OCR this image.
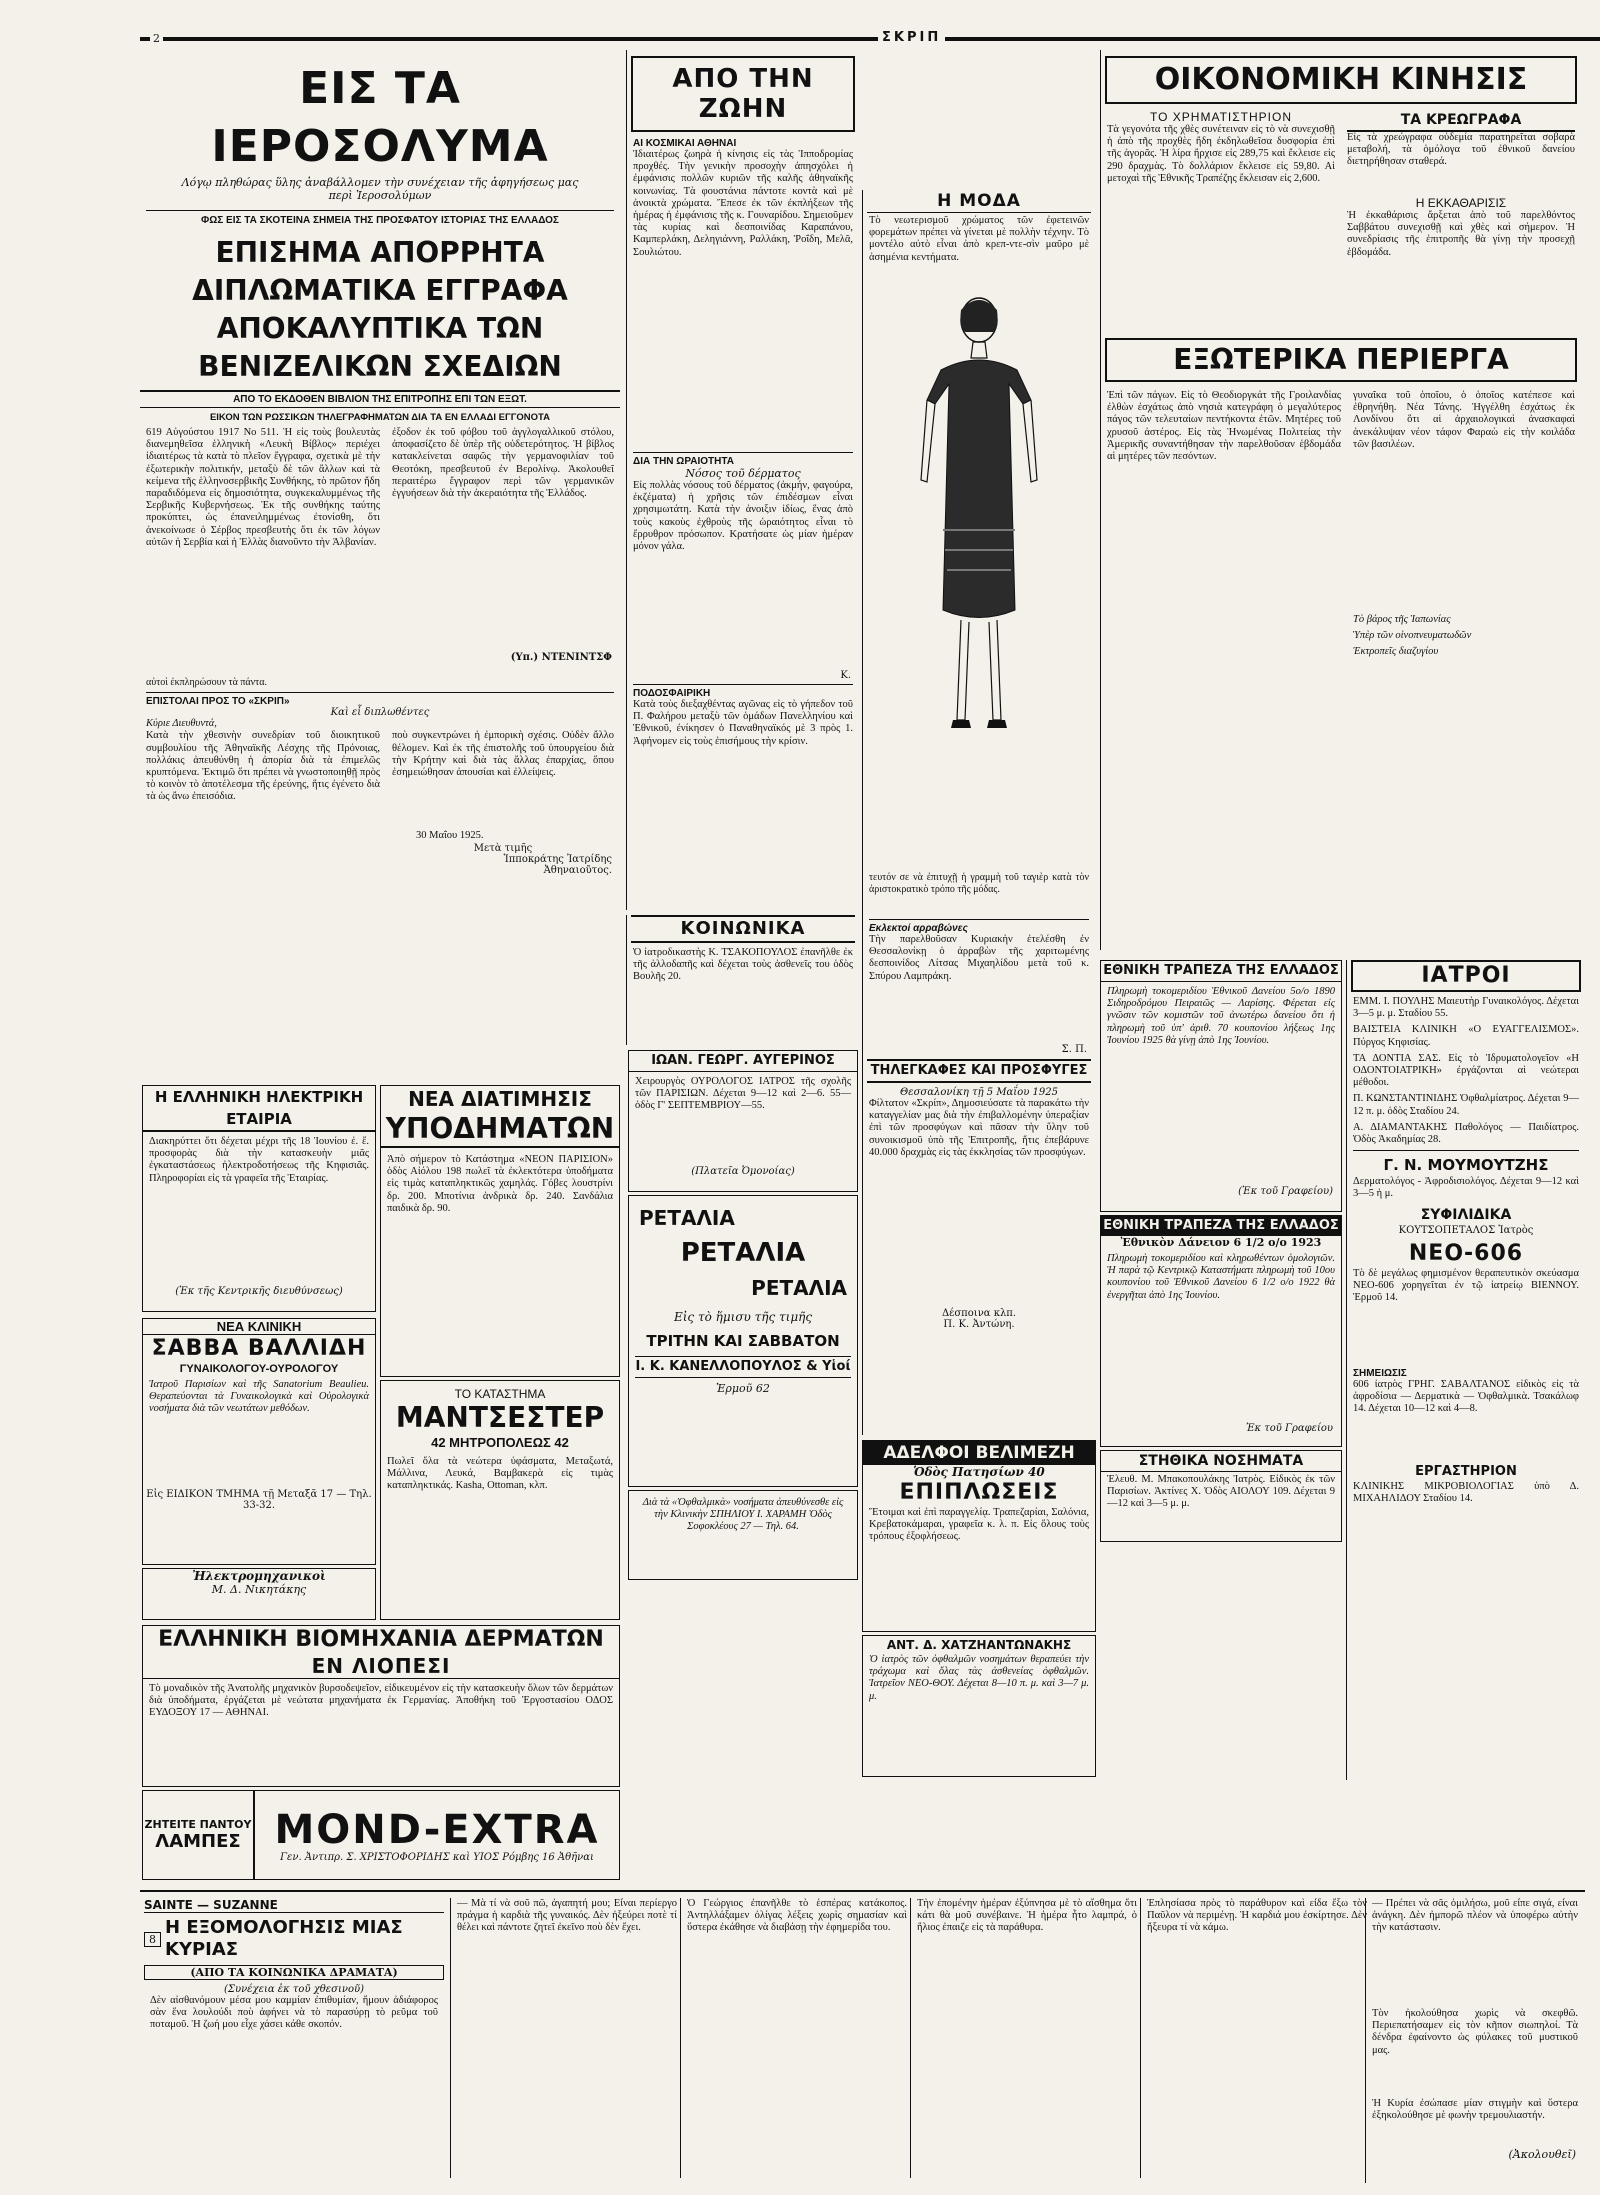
2	ΣΚΡΙΠ
ΕΙΣ ΤΑ ΙΕΡΟΣΟΛΥΜΑ
Λόγῳ πληθώρας ὕλης ἀναβάλλομεν τὴν συνέχειαν τῆς ἀφηγήσεως μας περὶ Ἱεροσολύμων
ΦΩΣ ΕΙΣ ΤΑ ΣΚΟΤΕΙΝΑ ΣΗΜΕΙΑ ΤΗΣ ΠΡΟΣΦΑΤΟΥ ΙΣΤΟΡΙΑΣ ΤΗΣ ΕΛΛΑΔΟΣ
ΕΠΙΣΗΜΑ ΑΠΟΡΡΗΤΑ ΔΙΠΛΩΜΑΤΙΚΑ ΕΓΓΡΑΦΑ
ΑΠΟΚΑΛΥΠΤΙΚΑ ΤΩΝ ΒΕΝΙΖΕΛΙΚΩΝ ΣΧΕΔΙΩΝ
ΑΠΟ ΤΟ ΕΚΔΟΘΕΝ ΒΙΒΛΙΟΝ ΤΗΣ ΕΠΙΤΡΟΠΗΣ ΕΠΙ ΤΩΝ ΕΞΩΤ.
ΕΙΚΟΝ ΤΩΝ ΡΩΣΣΙΚΩΝ ΤΗΛΕΓΡΑΦΗΜΑΤΩΝ ΔΙΑ ΤΑ ΕΝ ΕΛΛΑΔΙ ΕΓΓΟΝΟΤΑ
619 Αὐγούστου 1917 No 511. Ἡ εἰς τοὺς βουλευτὰς διανεμηθεῖσα ἑλληνικὴ «Λευκὴ Βίβλος» περιέχει ἰδιαιτέρως τὰ κατὰ τὸ πλεῖον ἔγγραφα, σχετικὰ μὲ τὴν ἐξωτερικὴν πολιτικήν, μεταξὺ δὲ τῶν ἄλλων καὶ τὰ κείμενα τῆς ἑλληνοσερβικῆς Συνθήκης, τὸ πρῶτον ἤδη παραδιδόμενα εἰς δημοσιότητα, συγκεκαλυμμένως τῆς Σερβικῆς Κυβερνήσεως. Ἐκ τῆς συνθήκης ταύτης προκύπτει, ὡς ἐπανειλημμένως ἐτονίσθη, ὅτι ἀνεκοίνωσε ὁ Σέρβος πρεσβευτὴς ὅτι ἐκ τῶν λόγων αὐτῶν ἡ Σερβία καὶ ἡ Ἑλλὰς διανοῦντο τὴν Ἀλβανίαν.
ἐξοδον ἐκ τοῦ φόβου τοῦ ἀγγλογαλλικοῦ στόλου, ἀποφασίζετο δὲ ὑπὲρ τῆς οὐδετερότητος. Ἡ βίβλος κατακλείνεται σαφῶς τὴν γερμανοφιλίαν τοῦ Θεοτόκη, πρεσβευτοῦ ἐν Βερολίνῳ. Ἀκολουθεῖ περαιτέρω ἔγγραφον περὶ τῶν γερμανικῶν ἐγγυήσεων διὰ τὴν ἀκεραιότητα τῆς Ἑλλάδος.
(Υπ.) ΝΤΕΝΙΝΤΣΦ
αὐτοὶ ἐκπληρώσουν τὰ πάντα.
ΕΠΙΣΤΟΛΑΙ ΠΡΟΣ ΤΟ «ΣΚΡΙΠ»
Καὶ εἶ διπλωθέντες
Κύριε Διευθυντά,
Κατὰ τὴν χθεσινὴν συνεδρίαν τοῦ διοικητικοῦ συμβουλίου τῆς Ἀθηναϊκῆς Λέσχης τῆς Πρόνοιας, πολλάκις ἀπευθύνθη ἡ ἀπορία διὰ τὰ ἐπιμελῶς κρυπτόμενα. Ἐκτιμῶ ὅτι πρέπει νὰ γνωστοποιηθῇ πρὸς τὸ κοινὸν τὸ ἀποτέλεσμα τῆς ἐρεύνης, ἥτις ἐγένετο διὰ τὰ ὡς ἄνω ἐπεισόδια.
ποὺ συγκεντρώνει ἡ ἐμπορικὴ σχέσις. Οὐδὲν ἄλλο θέλομεν. Καὶ ἐκ τῆς ἐπιστολῆς τοῦ ὑπουργείου διὰ τὴν Κρήτην καὶ διὰ τὰς ἄλλας ἐπαρχίας, ὅπου ἐσημειώθησαν ἀπουσίαι καὶ ἐλλείψεις.
30 Μαΐου 1925.
Μετὰ τιμῆς
Ἱπποκράτης Ἰατρίδης
Ἀθηναιοῦτος.
Η ΕΛΛΗΝΙΚΗ ΗΛΕΚΤΡΙΚΗ ΕΤΑΙΡΙΑ
Διακηρύττει ὅτι δέχεται μέχρι τῆς 18 Ἰουνίου ἐ. ἔ. προσφορὰς διὰ τὴν κατασκευὴν μιᾶς ἐγκαταστάσεως ἠλεκτροδοτήσεως τῆς Κηφισιᾶς. Πληροφορίαι εἰς τὰ γραφεῖα τῆς Ἑταιρίας.
(Ἐκ τῆς Κεντρικῆς διευθύνσεως)
ΝΕΑ ΚΛΙΝΙΚΗ
ΣΑΒΒΑ ΒΑΛΛΙΔΗ
ΓΥΝΑΙΚΟΛΟΓΟΥ-ΟΥΡΟΛΟΓΟΥ
Ἰατροῦ Παρισίων καὶ τῆς Sanatorium Beaulieu. Θεραπεύονται τὰ Γυναικολογικὰ καὶ Οὐρολογικὰ νοσήματα διὰ τῶν νεωτάτων μεθόδων.
Εἰς ΕΙΔΙΚΟΝ ΤΜΗΜΑ τῇ Μεταξᾶ 17 — Τηλ. 33-32.
Ἠλεκτρομηχανικοὶ
Μ. Δ. Νικητάκης
ΝΕΑ ΔΙΑΤΙΜΗΣΙΣ
ΥΠΟΔΗΜΑΤΩΝ
Ἀπὸ σήμερον τὸ Κατάστημα «ΝΕΟΝ ΠΑΡΙΣΙΟΝ» ὁδὸς Αἰόλου 198 πωλεῖ τὰ ἐκλεκτότερα ὑποδήματα εἰς τιμὰς καταπληκτικῶς χαμηλάς. Γόβες λουστρίνι δρ. 200. Μποτίνια ἀνδρικὰ δρ. 240. Σανδάλια παιδικὰ δρ. 90.
ΤΟ ΚΑΤΑΣΤΗΜΑ
ΜΑΝΤΣΕΣΤΕΡ
42 ΜΗΤΡΟΠΟΛΕΩΣ 42
Πωλεῖ ὅλα τὰ νεώτερα ὑφάσματα, Μεταξωτά, Μάλλινα, Λευκά, Βαμβακερὰ εἰς τιμὰς καταπληκτικάς. Kasha, Ottoman, κλπ.
ΕΛΛΗΝΙΚΗ ΒΙΟΜΗΧΑΝΙΑ ΔΕΡΜΑΤΩΝ
ΕΝ ΛΙΟΠΕΣΙ
Τὸ μοναδικὸν τῆς Ἀνατολῆς μηχανικὸν βυρσοδεψεῖον, εἰδικευμένον εἰς τὴν κατασκευὴν ὅλων τῶν δερμάτων διὰ ὑποδήματα, ἐργάζεται μὲ νεώτατα μηχανήματα ἐκ Γερμανίας. Ἀποθήκη τοῦ Ἐργοστασίου ΟΔΟΣ ΕΥΔΟΞΟΥ 17 — ΑΘΗΝΑΙ.
ΖΗΤΕΙΤΕ ΠΑΝΤΟΥ
ΛΑΜΠΕΣ MOND-EXTRA
Γεν. Ἀντιπρ. Σ. ΧΡΙΣΤΟΦΟΡΙΔΗΣ καὶ ΥΙΟΣ Ρόμβης 16 Ἀθῆναι
ΑΠΟ ΤΗΝ ΖΩΗΝ
ΑΙ ΚΟΣΜΙΚΑΙ ΑΘΗΝΑΙ
Ἰδιαιτέρως ζωηρὰ ἡ κίνησις εἰς τὰς Ἱπποδρομίας προχθές. Τὴν γενικὴν προσοχὴν ἀπησχόλει ἡ ἐμφάνισις πολλῶν κυριῶν τῆς καλῆς ἀθηναϊκῆς κοινωνίας. Τὰ φουστάνια πάντοτε κοντὰ καὶ μὲ ἀνοικτὰ χρώματα. Ἔπεσε ἐκ τῶν ἐκπλήξεων τῆς ἡμέρας ἡ ἐμφάνισις τῆς κ. Γουναρίδου. Σημειοῦμεν τὰς κυρίας καὶ δεσποινίδας Καραπάνου, Καμπερλάκη, Δεληγιάννη, Ραλλάκη, Ῥοΐδη, Μελᾶ, Σουλιώτου.
ΔΙΑ ΤΗΝ ΩΡΑΙΟΤΗΤΑ
Νόσος τοῦ δέρματος
Εἰς πολλὰς νόσους τοῦ δέρματος (ἀκμήν, φαγούρα, ἐκζέματα) ἡ χρῆσις τῶν ἐπιδέσμων εἶναι χρησιμωτάτη. Κατὰ τὴν ἀνοιξιν ἰδίως, ἕνας ἀπὸ τοὺς κακοὺς ἐχθροὺς τῆς ὡραιότητος εἶναι τὸ ἔρρυθρον πρόσωπον. Κρατήσατε ὡς μίαν ἡμέραν μόνον γάλα.
Κ.
ΠΟΔΟΣΦΑΙΡΙΚΗ
Κατὰ τοὺς διεξαχθέντας αγῶνας εἰς τὸ γήπεδον τοῦ Π. Φαλήρου μεταξὺ τῶν ὁμάδων Πανελληνίου καὶ Ἐθνικοῦ, ἐνίκησεν ὁ Παναθηναϊκός μὲ 3 πρὸς 1. Ἀφήνομεν εἰς τοὺς ἐπισήμους τὴν κρίσιν.
ΚΟΙΝΩΝΙΚΑ
Ὁ ἰατροδικαστὴς Κ. ΤΣΑΚΟΠΟΥΛΟΣ ἐπανῆλθε ἐκ τῆς ἀλλοδαπῆς καὶ δέχεται τοὺς ἀσθενεῖς του ὁδὸς Βουλῆς 20.
ΙΩΑΝ. ΓΕΩΡΓ. ΑΥΓΕΡΙΝΟΣ
Χειρουργὸς ΟΥΡΟΛΟΓΟΣ ΙΑΤΡΟΣ τῆς σχολῆς τῶν ΠΑΡΙΣΙΩΝ. Δέχεται 9—12 καὶ 2—6. 55—ὁδὸς Γ' ΣΕΠΤΕΜΒΡΙΟΥ—55.
(Πλατεῖα Ὀμονοίας)
ΡΕΤΑΛΙΑ
ΡΕΤΑΛΙΑ
ΡΕΤΑΛΙΑ
Εἰς τὸ ἥμισυ τῆς τιμῆς
ΤΡΙΤΗΝ ΚΑΙ ΣΑΒΒΑΤΟΝ
Ι. Κ. ΚΑΝΕΛΛΟΠΟΥΛΟΣ & Υἱοί
Ἑρμοῦ 62
Διὰ τὰ «Ὀφθαλμικὰ» νοσήματα ἀπευθύνεσθε εἰς τὴν Κλινικὴν ΣΠΗΛΙΟΥ Ι. ΧΑΡΑΜΗ Ὁδὸς Σοφοκλέους 27 — Τηλ. 64.
Η ΜΟΔΑ
Τὸ νεωτερισμοῦ χρώματος τῶν ἐφετεινῶν φορεμάτων πρέπει νὰ γίνεται μὲ πολλὴν τέχνην. Τὸ μοντέλο αὐτὸ εἶναι ἀπὸ κρεπ-ντε-σὶν μαῦρο μὲ ἀσημένια κεντήματα.
τευτόν σε νὰ ἐπιτυχῇ ἡ γραμμὴ τοῦ ταγιὲρ κατὰ τὸν ἀριστοκρατικὸ τρόπο τῆς μόδας.
Εκλεκτοί αρραβώνες
Τὴν παρελθοῦσαν Κυριακὴν ἐτελέσθη ἐν Θεσσαλονίκῃ ὁ ἀρραβὼν τῆς χαριτωμένης δεσποινίδος Λίτσας Μιχαηλίδου μετὰ τοῦ κ. Σπύρου Λαμπράκη.
Σ. Π.
ΤΗΛΕΓΚΑΦΕΣ ΚΑΙ ΠΡΟΣΦΥΓΕΣ
Θεσσαλονίκη τῇ 5 Μαΐου 1925
Φίλτατον «Σκρίπ», Δημοσιεύσατε τὰ παρακάτω τὴν καταγγελίαν μας διὰ τὴν ἐπιβαλλομένην ὑπεραξίαν ἐπὶ τῶν προσφύγων καὶ πᾶσαν τὴν ὕλην τοῦ συνοικισμοῦ ὑπὸ τῆς Ἐπιτροπῆς, ἥτις ἐπεβάρυνε 40.000 δραχμὰς εἰς τὰς ἐκκλησίας τῶν προσφύγων.
Δέσποινα κλπ.
Π. Κ. Ἀντώνη.
ΑΔΕΛΦΟΙ ΒΕΛΙΜΕΖΗ
Ὁδὸς Πατησίων 40
ΕΠΙΠΛΩΣΕΙΣ
Ἕτοιμαι καὶ ἐπὶ παραγγελίᾳ. Τραπεζαρίαι, Σαλόνια, Κρεβατοκάμαραι, γραφεῖα κ. λ. π. Εἰς ὅλους τοὺς τρόπους ἐξοφλήσεως.
ΑΝΤ. Δ. ΧΑΤΖΗΑΝΤΩΝΑΚΗΣ
Ὁ ἰατρὸς τῶν ὀφθαλμῶν νοσημάτων θεραπεύει τὴν τράχωμα καὶ ὅλας τὰς ἀσθενείας ὀφθαλμῶν. Ἰατρεῖον ΝΕΟ-ΘΟΥ. Δέχεται 8—10 π. μ. καὶ 3—7 μ. μ.
ΟΙΚΟΝΟΜΙΚΗ ΚΙΝΗΣΙΣ
ΤΟ ΧΡΗΜΑΤΙΣΤΗΡΙΟΝ
Τὰ γεγονότα τῆς χθὲς συνέτειναν εἰς τὸ νὰ συνεχισθῇ ἡ ἀπὸ τῆς προχθὲς ἤδη ἐκδηλωθεῖσα δυσφορία ἐπὶ τῆς ἀγορᾶς. Ἡ λίρα ἤρχισε εἰς 289,75 καὶ ἔκλεισε εἰς 290 δραχμὰς. Τὸ δολλάριον ἔκλεισε εἰς 59,80. Αἱ μετοχαὶ τῆς Ἐθνικῆς Τραπέζης ἔκλεισαν εἰς 2,600.
ΤΑ ΚΡΕΩΓΡΑΦΑ
Εἰς τὰ χρεώγραφα οὐδεμία παρατηρεῖται σοβαρὰ μεταβολή, τὰ ὁμόλογα τοῦ ἐθνικοῦ δανείου διετηρήθησαν σταθερά.
Η ΕΚΚΑΘΑΡΙΣΙΣ
Ἡ ἐκκαθάρισις ἄρξεται ἀπὸ τοῦ παρελθόντος Σαββάτου συνεχισθῇ καὶ χθὲς καὶ σήμερον. Ἡ συνεδρίασις τῆς ἐπιτροπῆς θὰ γίνῃ τὴν προσεχῇ ἑβδομάδα.
ΕΞΩΤΕΡΙΚΑ ΠΕΡΙΕΡΓΑ
Ἐπὶ τῶν πάγων. Εἰς τὸ Θεοδιοργκάτ τῆς Γροιλανδίας ἐλθὼν ἐσχάτως ἀπὸ νησιὰ κατεγράφη ὁ μεγαλύτερος πάγος τῶν τελευταίων πεντήκοντα ἐτῶν. Μητέρες τοῦ χρυσοῦ ἀστέρος. Εἰς τὰς Ἡνωμένας Πολιτείας τὴν Ἀμερικῆς συναντήθησαν τὴν παρελθοῦσαν ἑβδομάδα αἱ μητέρες τῶν πεσόντων.
γυναῖκα τοῦ ὁποῖου, ὁ ὁποῖος κατέπεσε καὶ ἐθρηνήθη. Νέα Τάνης. Ἡγγέλθη ἐσχάτως ἐκ Λονδίνου ὅτι αἱ ἀρχαιολογικαὶ ἀνασκαφαὶ ἀνεκάλυψαν νέον τάφον Φαραὼ εἰς τὴν κοιλάδα τῶν βασιλέων.
Τὸ βάρος τῆς Ἱαπωνίας
Ὑπὲρ τῶν οἰνοπνευματωδῶν
Ἐκτροπεῖς διαζυγίου
ΕΘΝΙΚΗ ΤΡΑΠΕΖΑ ΤΗΣ ΕΛΛΑΔΟΣ
Πληρωμὴ τοκομεριδίου Ἐθνικοῦ Δανείου 5ο/ο 1890 Σιδηροδρόμου Πειραιῶς — Λαρίσης. Φέρεται εἰς γνῶσιν τῶν κομιστῶν τοῦ ἀνωτέρω δανείου ὅτι ἡ πληρωμὴ τοῦ ὑπ' ἀριθ. 70 κουπονίου λήξεως 1ης Ἰουνίου 1925 θὰ γίνῃ ἀπὸ 1ης Ἰουνίου.
(Ἐκ τοῦ Γραφείου)
ΕΘΝΙΚΗ ΤΡΑΠΕΖΑ ΤΗΣ ΕΛΛΑΔΟΣ
Ἐθνικὸν Δάνειον 6 1/2 ο/ο 1923
Πληρωμὴ τοκομεριδίου καὶ κληρωθέντων ὁμολογιῶν. Ἡ παρὰ τῷ Κεντρικῷ Καταστήματι πληρωμὴ τοῦ 10ου κουπονίου τοῦ Ἐθνικοῦ Δανείου 6 1/2 ο/ο 1922 θὰ ἐνεργῆται ἀπὸ 1ης Ἰουνίου.
Ἐκ τοῦ Γραφείου
ΣΤΗΘΙΚΑ ΝΟΣΗΜΑΤΑ
Ἐλευθ. Μ. Μπακοπουλάκης Ἰατρὸς. Εἰδικὸς ἐκ τῶν Παρισίων. Ἀκτίνες Χ. Ὁδὸς ΑΙΟΛΟΥ 109. Δέχεται 9—12 καὶ 3—5 μ. μ.
ΙΑΤΡΟΙ
ΕΜΜ. Ι. ΠΟΥΛΗΣ Μαιευτὴρ Γυναικολόγος. Δέχεται 3—5 μ. μ. Σταδίου 55.
ΒΑΙΣΤΕΙΑ ΚΛΙΝΙΚΗ «Ο ΕΥΑΓΓΕΛΙΣΜΟΣ». Πύργος Κηφισίας.
ΤΑ ΔΟΝΤΙΑ ΣΑΣ. Εἰς τὸ Ἰδρυματολογεῖον «Η ΟΔΟΝΤΟΙΑΤΡΙΚΗ» ἐργάζονται αἱ νεώτεραι μέθοδοι.
Π. ΚΩΝΣΤΑΝΤΙΝΙΔΗΣ Ὀφθαλμίατρος. Δέχεται 9—12 π. μ. ὁδὸς Σταδίου 24.
Α. ΔΙΑΜΑΝΤΑΚΗΣ Παθολόγος — Παιδίατρος. Ὁδὸς Ἀκαδημίας 28.
Γ. Ν. ΜΟΥΜΟΥΤΖΗΣ
Δερματολόγος - Ἀφροδισιολόγος. Δέχεται 9—12 καὶ 3—5 ἡ μ.
ΣΥΦΙΛΙΔΙΚΑ
ΚΟΥΤΣΟΠΕΤΑΛΟΣ Ἰατρὸς
ΝΕΟ-606
Τὸ δὲ μεγάλως φημισμένον θεραπευτικὸν σκεύασμα ΝΕΟ-606 χορηγεῖται ἐν τῷ ἰατρείῳ ΒΙΕΝΝΟΥ. Ἐρμοῦ 14.
ΣΗΜΕΙΩΣΙΣ
606 ἰατρὸς ΓΡΗΓ. ΣΑΒΑΛΤΑΝΟΣ εἰδικὸς εἰς τὰ ἀφροδίσια — Δερματικὰ — Ὀφθαλμικὰ. Τσακάλωφ 14. Δέχεται 10—12 καὶ 4—8.
ΕΡΓΑΣΤΗΡΙΟΝ
ΚΛΙΝΙΚΗΣ ΜΙΚΡΟΒΙΟΛΟΓΙΑΣ ὑπὸ Δ. ΜΙΧΑΗΛΙΔΟΥ Σταδίου 14.
SAINTE — SUZANNE
8
Η ΕΞΟΜΟΛΟΓΗΣΙΣ ΜΙΑΣ ΚΥΡΙΑΣ
(ΑΠΟ ΤΑ ΚΟΙΝΩΝΙΚΑ ΔΡΑΜΑΤΑ)
(Συνέχεια ἐκ τοῦ χθεσινοῦ)
Δὲν αἰσθανόμουν μέσα μου καμμίαν ἐπιθυμίαν, ἤμουν ἀδιάφορος σὰν ἕνα λουλούδι ποὺ ἀφήνει νὰ τὸ παρασύρῃ τὸ ρεῦμα τοῦ ποταμοῦ. Ἡ ζωή μου εἶχε χάσει κάθε σκοπόν.
— Μὰ τί νὰ σοῦ πῶ, ἀγαπητή μου; Εἶναι περίεργο πράγμα ἡ καρδιὰ τῆς γυναικός. Δὲν ἠξεύρει ποτὲ τί θέλει καὶ πάντοτε ζητεῖ ἐκεῖνο ποὺ δὲν ἔχει.
Ὁ Γεώργιος ἐπανῆλθε τὸ ἑσπέρας κατάκοπος. Ἀντηλλάξαμεν ὀλίγας λέξεις χωρὶς σημασίαν καὶ ὕστερα ἐκάθησε νὰ διαβάσῃ τὴν ἐφημερίδα του.
Τὴν ἐπομένην ἡμέραν ἐξύπνησα μὲ τὸ αἴσθημα ὅτι κάτι θὰ μοῦ συνέβαινε. Ἡ ἡμέρα ἦτο λαμπρά, ὁ ἥλιος ἐπαιζε εἰς τὰ παράθυρα.
Ἐπλησίασα πρὸς τὸ παράθυρον καὶ εἶδα ἔξω τὸν Παῦλον νὰ περιμένῃ. Ἡ καρδιά μου ἐσκίρτησε. Δὲν ἤξευρα τί νὰ κάμω.
— Πρέπει νὰ σᾶς ὁμιλήσω, μοῦ εἶπε σιγά, εἶναι ἀνάγκη. Δὲν ἠμπορῶ πλέον νὰ ὑποφέρω αὐτὴν τὴν κατάστασιν.
Τὸν ἠκολούθησα χωρὶς νὰ σκεφθῶ. Περιεπατήσαμεν εἰς τὸν κῆπον σιωπηλοί. Τὰ δένδρα ἐφαίνοντο ὡς φύλακες τοῦ μυστικοῦ μας.
Ἡ Κυρία ἐσώπασε μίαν στιγμὴν καὶ ὕστερα ἐξηκολούθησε μὲ φωνὴν τρεμουλιαστήν.
(Ἀκολουθεῖ)
